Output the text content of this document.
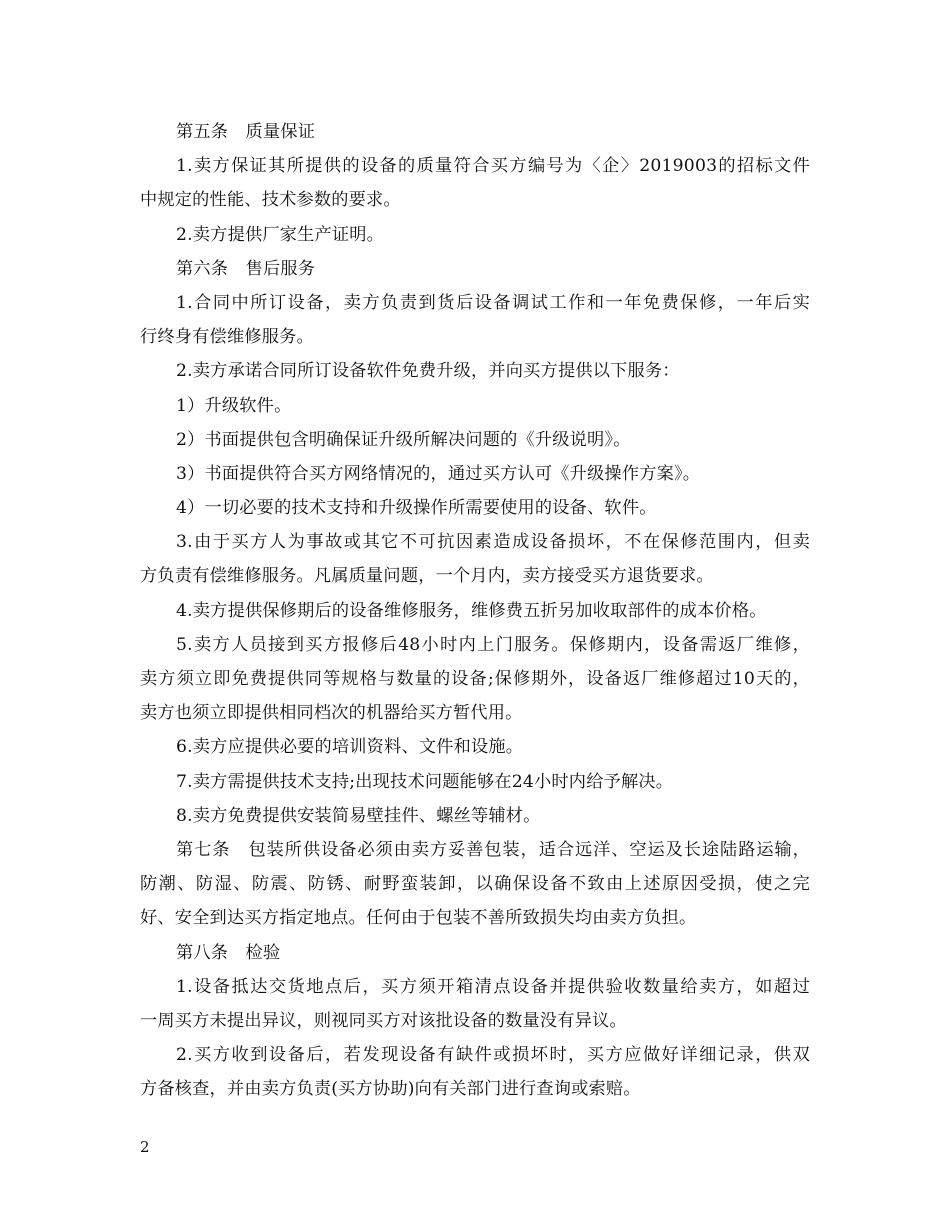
第五条　质量保证
1.卖方保证其所提供的设备的质量符合买方编号为〈企〉2019003的招标文件
中规定的性能、技术参数的要求。
2.卖方提供厂家生产证明。
第六条　售后服务
1.合同中所订设备，卖方负责到货后设备调试工作和一年免费保修，一年后实
行终身有偿维修服务。
2.卖方承诺合同所订设备软件免费升级，并向买方提供以下服务：
1）升级软件。
2）书面提供包含明确保证升级所解决问题的《升级说明》。
3）书面提供符合买方网络情况的，通过买方认可《升级操作方案》。
4）一切必要的技术支持和升级操作所需要使用的设备、软件。
3.由于买方人为事故或其它不可抗因素造成设备损坏，不在保修范围内，但卖
方负责有偿维修服务。凡属质量问题，一个月内，卖方接受买方退货要求。
4.卖方提供保修期后的设备维修服务，维修费五折另加收取部件的成本价格。
5.卖方人员接到买方报修后48小时内上门服务。保修期内，设备需返厂维修，
卖方须立即免费提供同等规格与数量的设备;保修期外，设备返厂维修超过10天的，
卖方也须立即提供相同档次的机器给买方暂代用。
6.卖方应提供必要的培训资料、文件和设施。
7.卖方需提供技术支持;出现技术问题能够在24小时内给予解决。
8.卖方免费提供安装简易壁挂件、螺丝等辅材。
第七条　包装所供设备必须由卖方妥善包装，适合远洋、空运及长途陆路运输，
防潮、防湿、防震、防锈、耐野蛮装卸，以确保设备不致由上述原因受损，使之完
好、安全到达买方指定地点。任何由于包装不善所致损失均由卖方负担。
第八条　检验
1.设备抵达交货地点后，买方须开箱清点设备并提供验收数量给卖方，如超过
一周买方未提出异议，则视同买方对该批设备的数量没有异议。
2.买方收到设备后，若发现设备有缺件或损坏时，买方应做好详细记录，供双
方备核查，并由卖方负责(买方协助)向有关部门进行查询或索赔。
2
